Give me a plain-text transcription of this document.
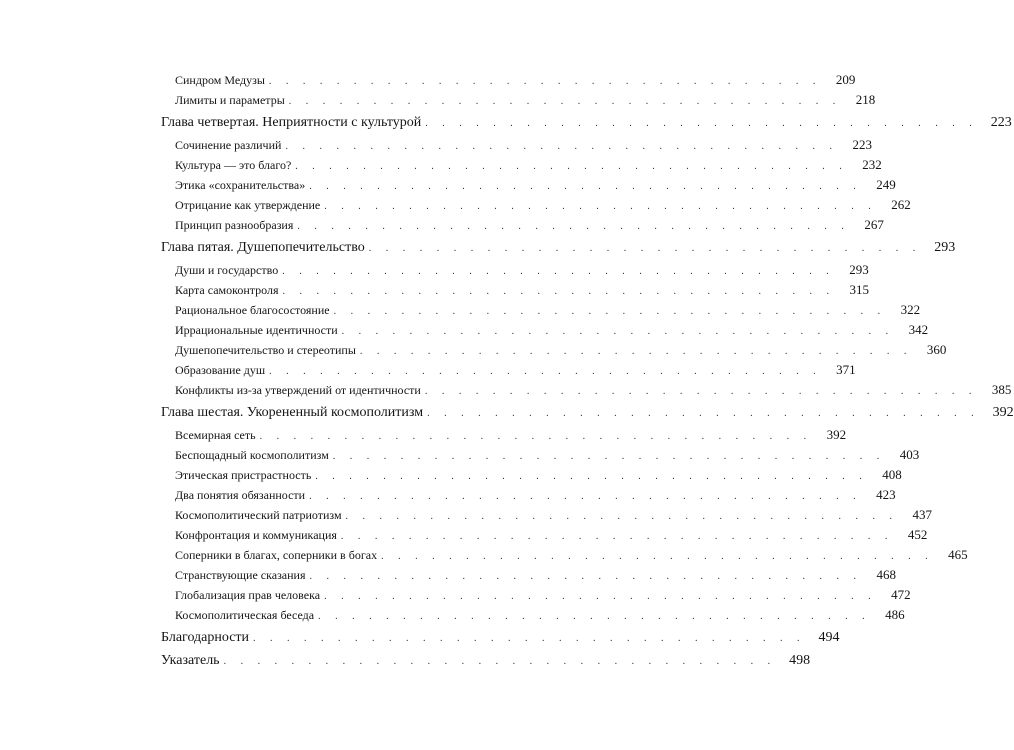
Синдром Медузы . . . . . . . . . . . . . . . . . . . . . . . . . . . . . . . . .	209
Лимиты и параметры . . . . . . . . . . . . . . . . . . . . . . . . . . . . . . . . .	218
Глава четвертая. Неприятности с культурой . . . . . . . . . . . . . . . . . . . . . . . . . . . . . . . . . 223
Сочинение различий . . . . . . . . . . . . . . . . . . . . . . . . . . . . . . . . .	223
Культура — это благо? . . . . . . . . . . . . . . . . . . . . . . . . . . . . . . . . .	232
Этика «сохранительства» . . . . . . . . . . . . . . . . . . . . . . . . . . . . . . . . .	249
Отрицание как утверждение . . . . . . . . . . . . . . . . . . . . . . . . . . . . . . . . .	262
Принцип разнообразия . . . . . . . . . . . . . . . . . . . . . . . . . . . . . . . . .	267
Глава пятая. Душепопечительство . . . . . . . . . . . . . . . . . . . . . . . . . . . . . . . . . 293
Души и государство . . . . . . . . . . . . . . . . . . . . . . . . . . . . . . . . .	293
Карта самоконтроля . . . . . . . . . . . . . . . . . . . . . . . . . . . . . . . . .	315
Рациональное благосостояние . . . . . . . . . . . . . . . . . . . . . . . . . . . . . . . . .	322
Иррациональные идентичности . . . . . . . . . . . . . . . . . . . . . . . . . . . . . . . . .	342
Душепопечительство и стереотипы . . . . . . . . . . . . . . . . . . . . . . . . . . . . . . . . .	360
Образование душ . . . . . . . . . . . . . . . . . . . . . . . . . . . . . . . . .	371
Конфликты из-за утверждений от идентичности . . . . . . . . . . . . . . . . . . . . . . . . . . . . . . . . .	385
Глава шестая. Укорененный космополитизм . . . . . . . . . . . . . . . . . . . . . . . . . . . . . . . . . 392
Всемирная сеть . . . . . . . . . . . . . . . . . . . . . . . . . . . . . . . . .	392
Беспощадный космополитизм . . . . . . . . . . . . . . . . . . . . . . . . . . . . . . . . .	403
Этическая пристрастность . . . . . . . . . . . . . . . . . . . . . . . . . . . . . . . . .	408
Два понятия обязанности . . . . . . . . . . . . . . . . . . . . . . . . . . . . . . . . .	423
Космополитический патриотизм . . . . . . . . . . . . . . . . . . . . . . . . . . . . . . . . .	437
Конфронтация и коммуникация . . . . . . . . . . . . . . . . . . . . . . . . . . . . . . . . .	452
Соперники в благах, соперники в богах . . . . . . . . . . . . . . . . . . . . . . . . . . . . . . . . .	465
Странствующие сказания . . . . . . . . . . . . . . . . . . . . . . . . . . . . . . . . .	468
Глобализация прав человека . . . . . . . . . . . . . . . . . . . . . . . . . . . . . . . . .	472
Космополитическая беседа . . . . . . . . . . . . . . . . . . . . . . . . . . . . . . . . .	486
Благодарности . . . . . . . . . . . . . . . . . . . . . . . . . . . . . . . . . 494
Указатель . . . . . . . . . . . . . . . . . . . . . . . . . . . . . . . . . 498
